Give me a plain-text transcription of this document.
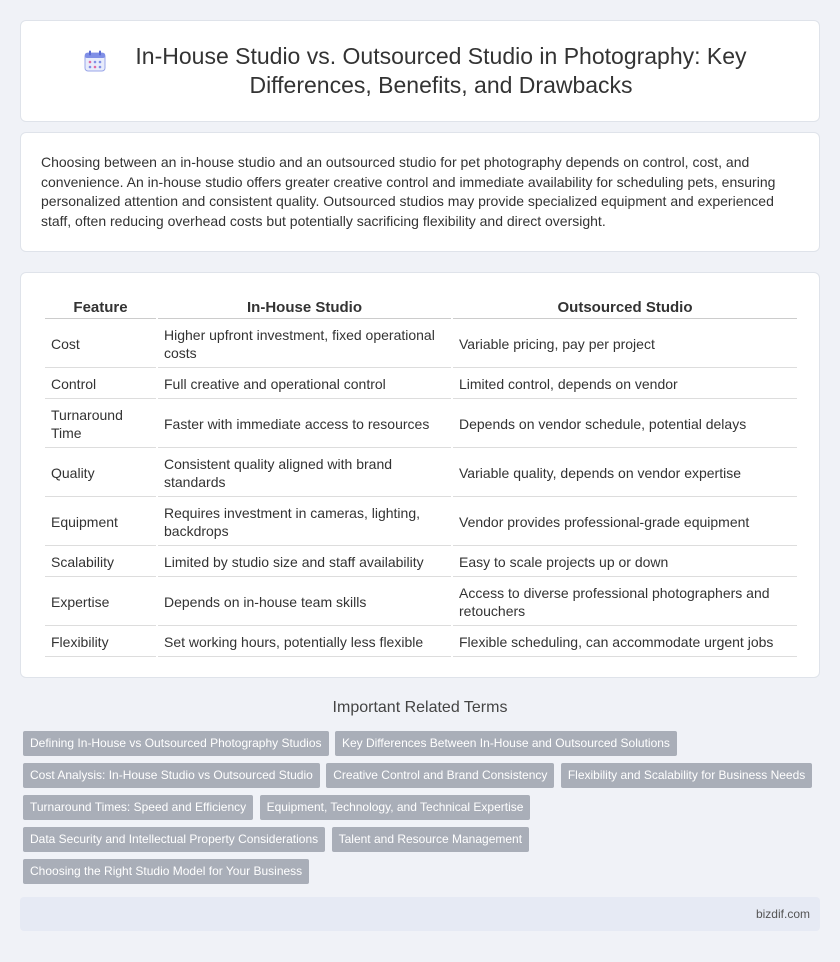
In-House Studio vs. Outsourced Studio in Photography: Key Differences, Benefits, and Drawbacks

Choosing between an in-house studio and an outsourced studio for pet photography depends on control, cost, and convenience. An in-house studio offers greater creative control and immediate availability for scheduling pets, ensuring personalized attention and consistent quality. Outsourced studios may provide specialized equipment and experienced staff, often reducing overhead costs but potentially sacrificing flexibility and direct oversight.

Feature	In-House Studio	Outsourced Studio
Cost	Higher upfront investment, fixed operational costs	Variable pricing, pay per project
Control	Full creative and operational control	Limited control, depends on vendor
Turnaround Time	Faster with immediate access to resources	Depends on vendor schedule, potential delays
Quality	Consistent quality aligned with brand standards	Variable quality, depends on vendor expertise
Equipment	Requires investment in cameras, lighting, backdrops	Vendor provides professional-grade equipment
Scalability	Limited by studio size and staff availability	Easy to scale projects up or down
Expertise	Depends on in-house team skills	Access to diverse professional photographers and retouchers
Flexibility	Set working hours, potentially less flexible	Flexible scheduling, can accommodate urgent jobs
Important Related Terms
Defining In-House vs Outsourced Photography Studios Key Differences Between In-House and Outsourced Solutions
Cost Analysis: In-House Studio vs Outsourced Studio Creative Control and Brand Consistency Flexibility and Scalability for Business Needs
Turnaround Times: Speed and Efficiency Equipment, Technology, and Technical Expertise
Data Security and Intellectual Property Considerations Talent and Resource Management
Choosing the Right Studio Model for Your Business
bizdif.com
